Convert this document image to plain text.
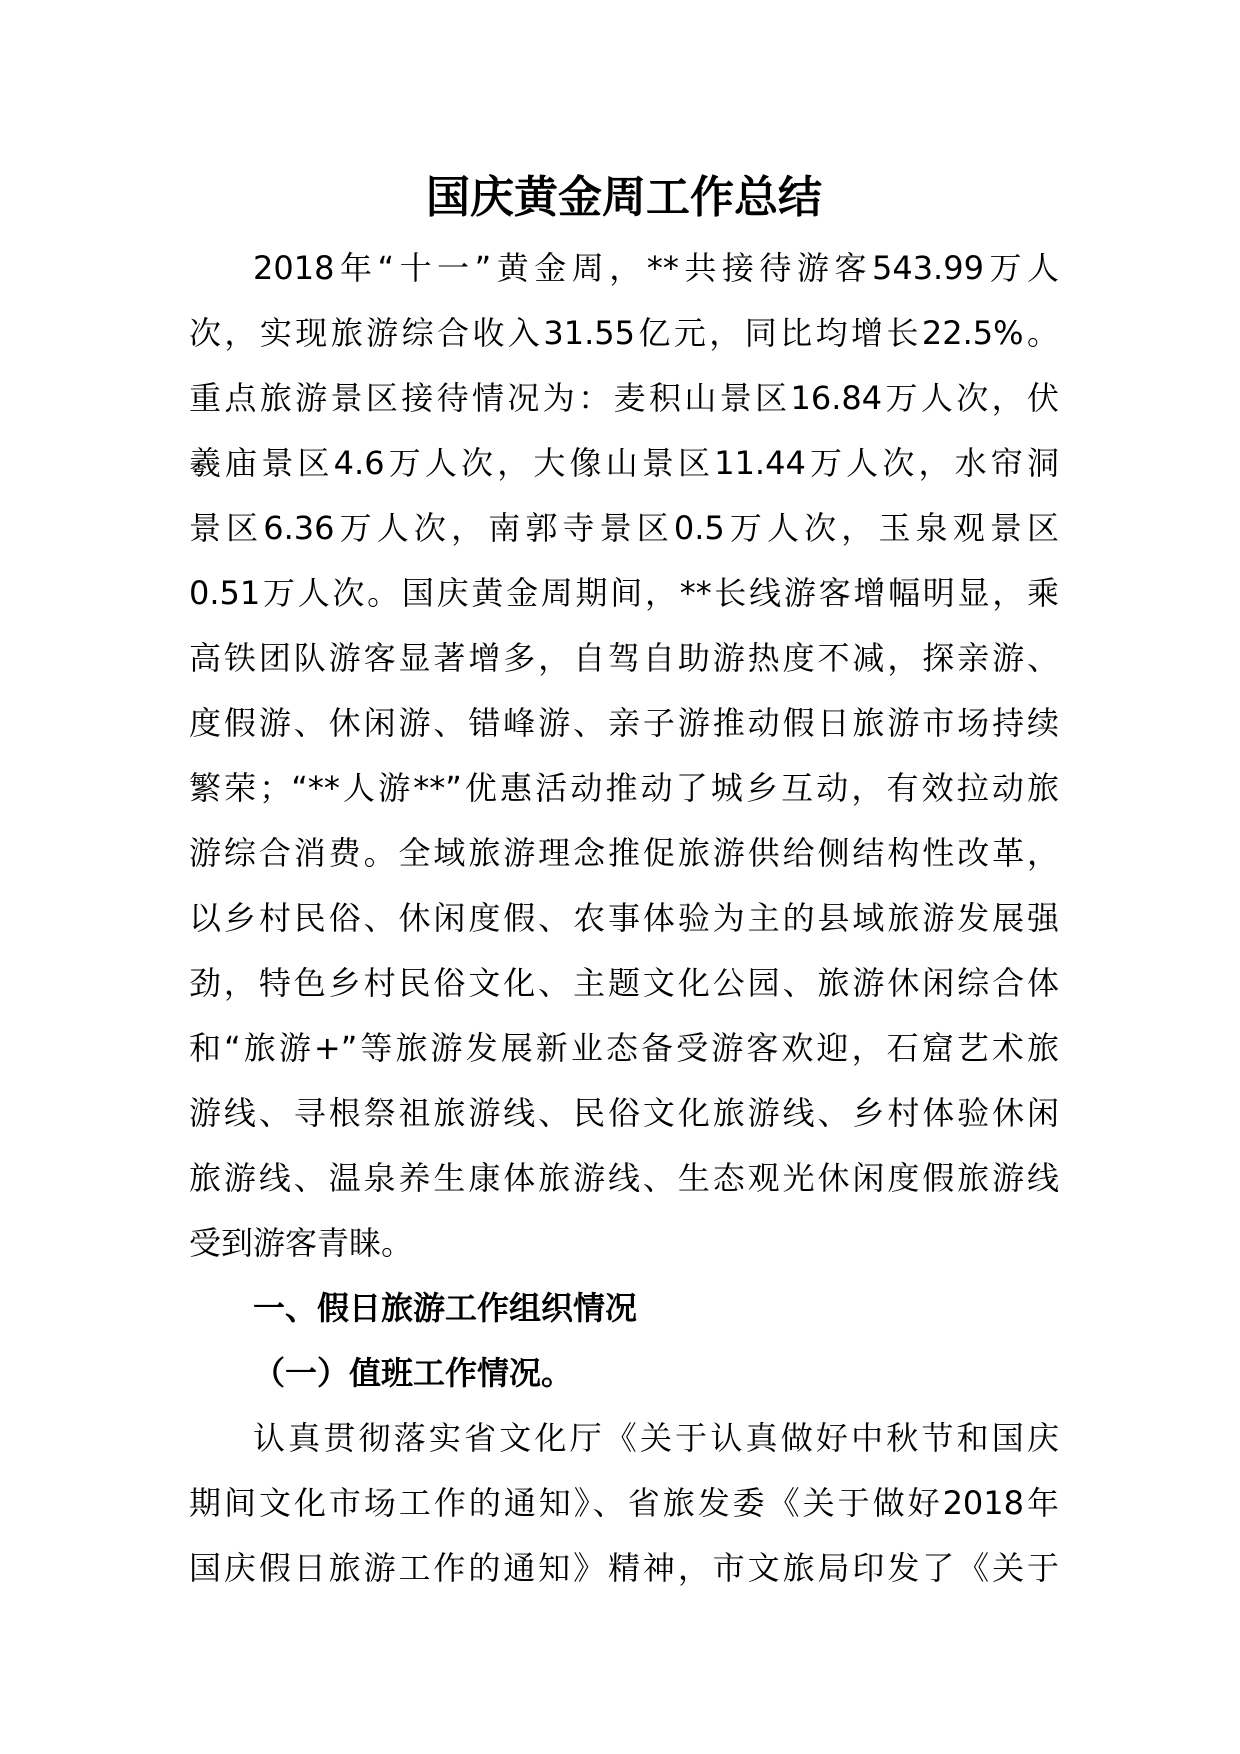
国庆黄金周工作总结

2018年“十一”黄金周，**共接待游客543.99万人
次，实现旅游综合收入31.55亿元，同比均增长22.5%。
重点旅游景区接待情况为：麦积山景区16.84万人次，伏
羲庙景区4.6万人次，大像山景区11.44万人次，水帘洞
景区6.36万人次，南郭寺景区0.5万人次，玉泉观景区
0.51万人次。国庆黄金周期间，**长线游客增幅明显，乘
高铁团队游客显著增多，自驾自助游热度不减，探亲游、
度假游、休闲游、错峰游、亲子游推动假日旅游市场持续
繁荣；“**人游**”优惠活动推动了城乡互动，有效拉动旅
游综合消费。全域旅游理念推促旅游供给侧结构性改革，
以乡村民俗、休闲度假、农事体验为主的县域旅游发展强
劲，特色乡村民俗文化、主题文化公园、旅游休闲综合体
和“旅游+”等旅游发展新业态备受游客欢迎，石窟艺术旅
游线、寻根祭祖旅游线、民俗文化旅游线、乡村体验休闲
旅游线、温泉养生康体旅游线、生态观光休闲度假旅游线
受到游客青睐。

一、假日旅游工作组织情况
（一）值班工作情况。

认真贯彻落实省文化厅《关于认真做好中秋节和国庆
期间文化市场工作的通知》、省旅发委《关于做好2018年
国庆假日旅游工作的通知》精神，市文旅局印发了《关于
